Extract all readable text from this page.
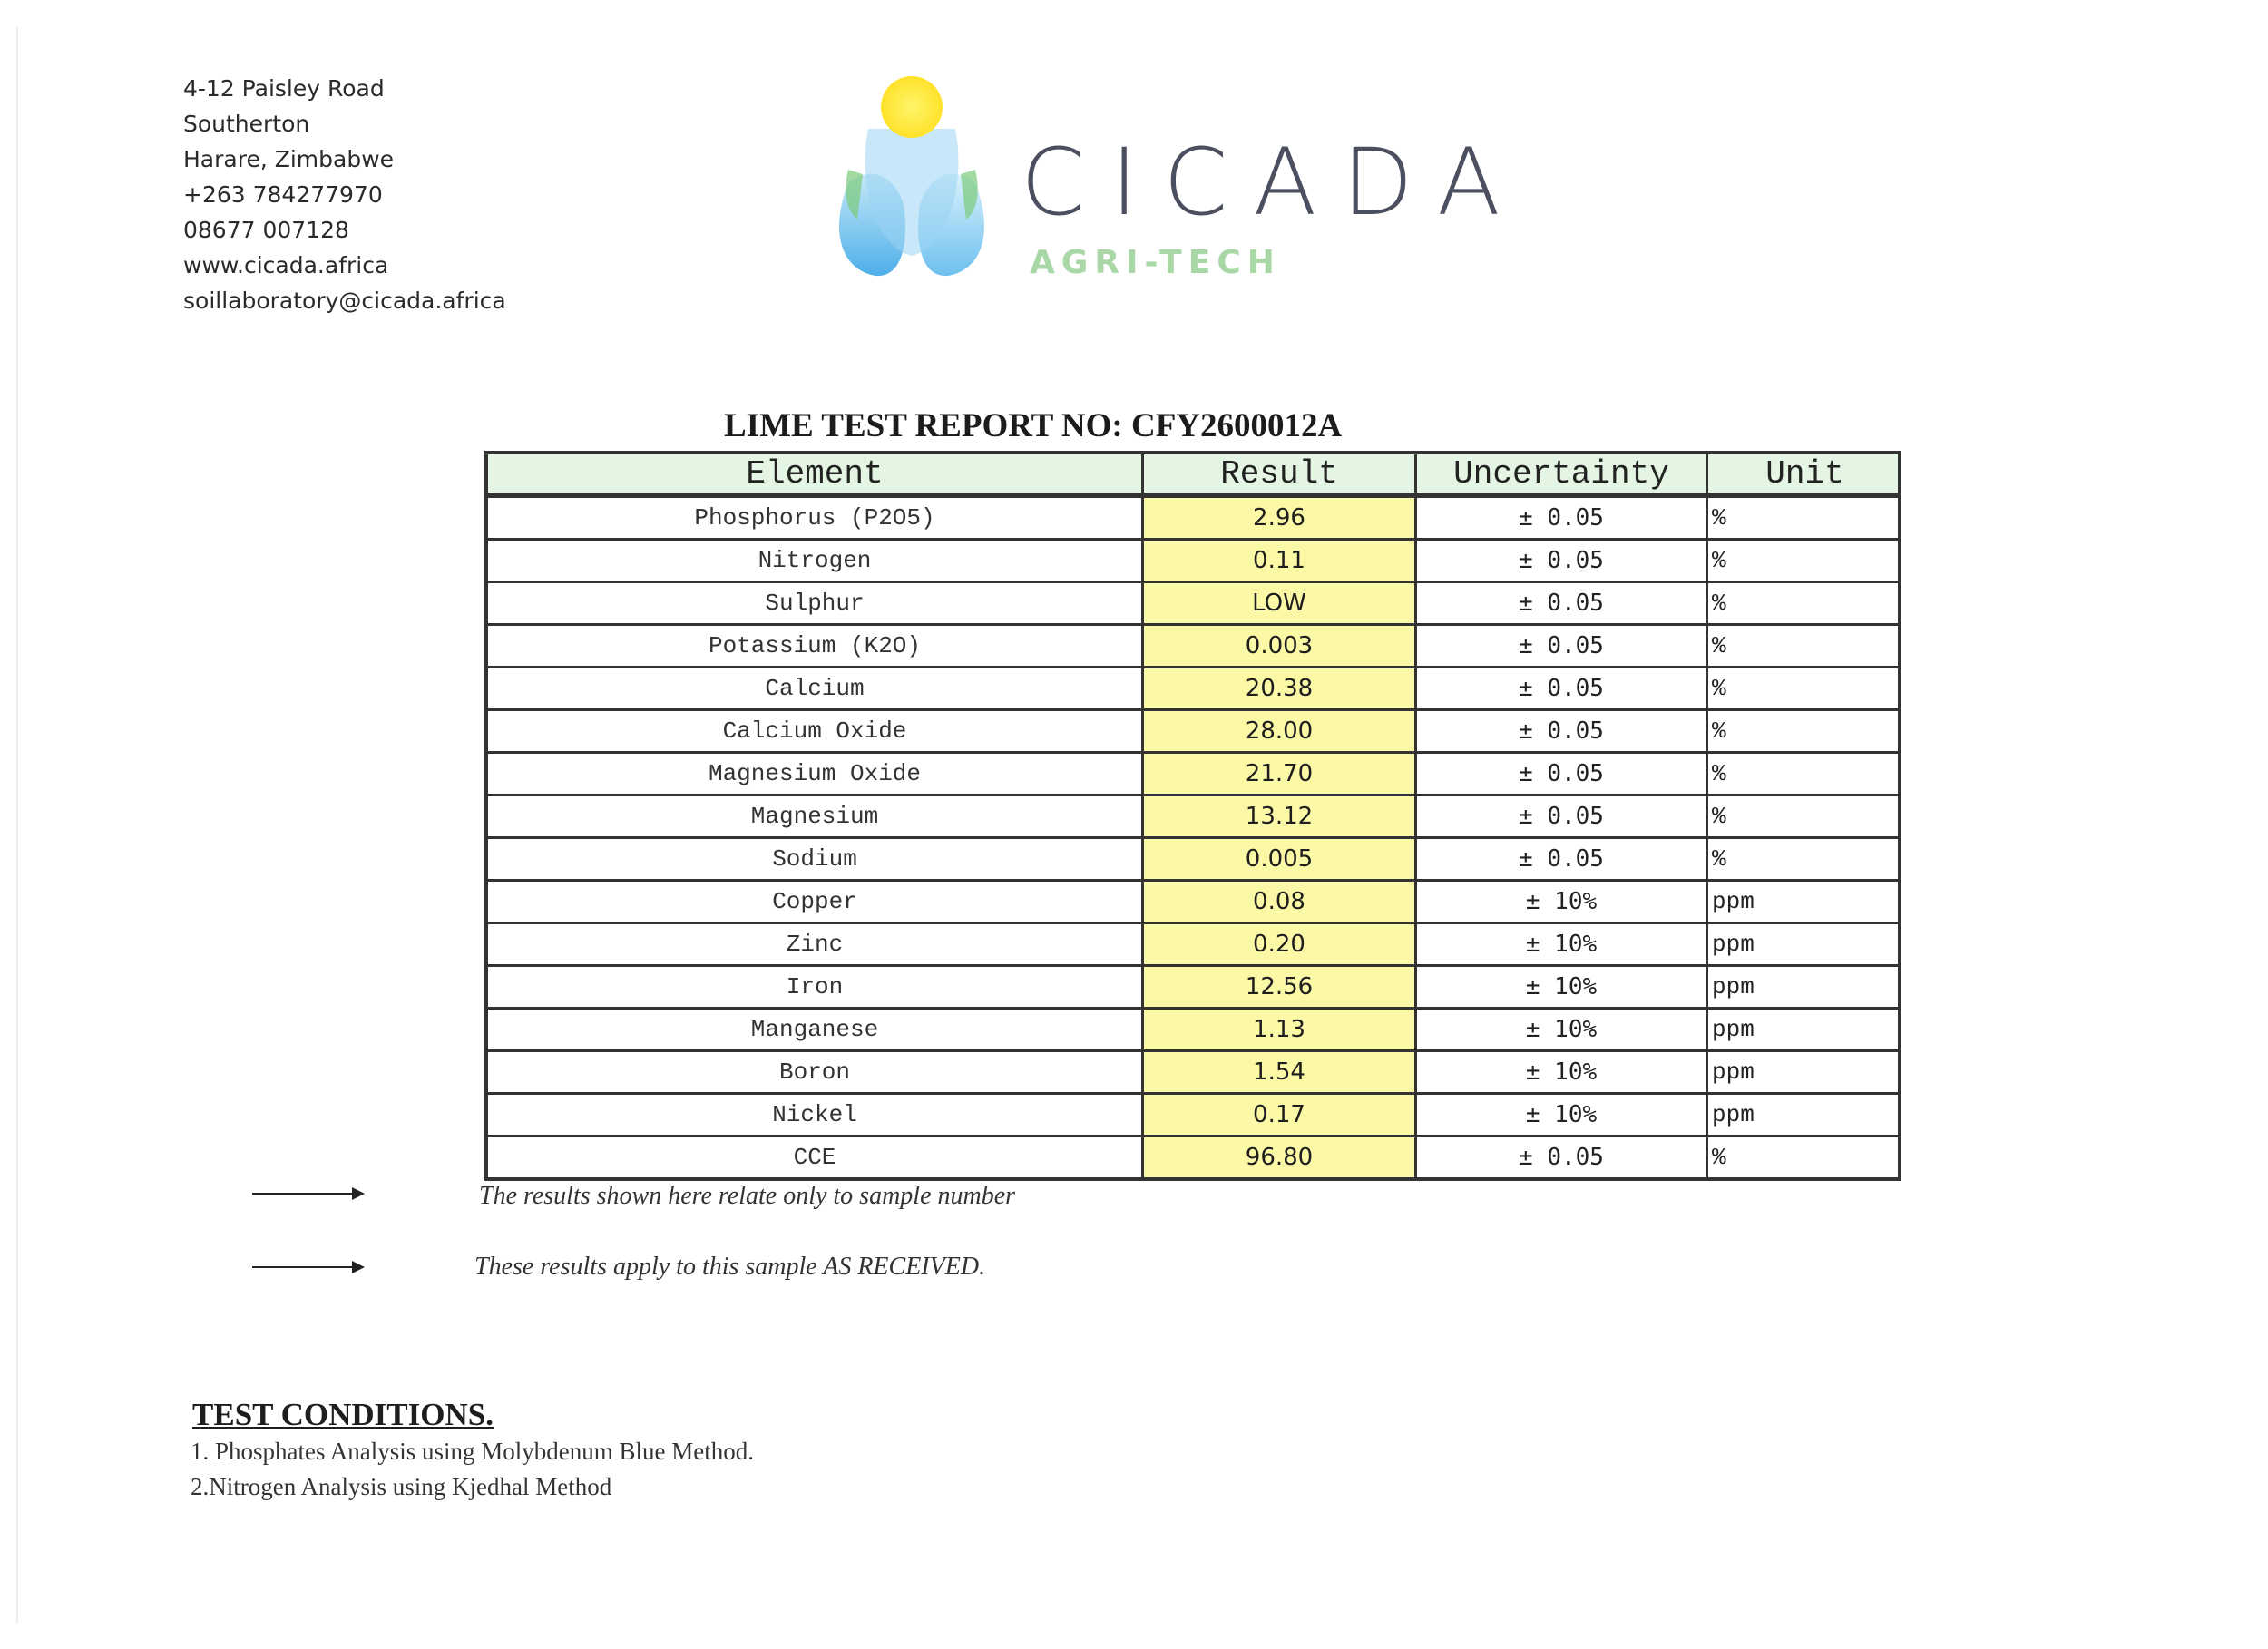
4-12 Paisley Road
Southerton
Harare, Zimbabwe
+263 784277970
08677 007128
www.cicada.africa
soillaboratory@cicada.africa
CICADA
AGRI-TECH
LIME TEST REPORT NO: CFY2600012A
Element	Result	Uncertainty	Unit
Phosphorus (P2O5)	2.96	± 0.05	%
Nitrogen	0.11	± 0.05	%
Sulphur	LOW	± 0.05	%
Potassium (K2O)	0.003	± 0.05	%
Calcium	20.38	± 0.05	%
Calcium Oxide	28.00	± 0.05	%
Magnesium Oxide	21.70	± 0.05	%
Magnesium	13.12	± 0.05	%
Sodium	0.005	± 0.05	%
Copper	0.08	± 10%	ppm
Zinc	0.20	± 10%	ppm
Iron	12.56	± 10%	ppm
Manganese	1.13	± 10%	ppm
Boron	1.54	± 10%	ppm
Nickel	0.17	± 10%	ppm
CCE	96.80	± 0.05	%
The results shown here relate only to sample number
These results apply to this sample AS RECEIVED.
TEST CONDITIONS.
1. Phosphates Analysis using Molybdenum Blue Method.
2.Nitrogen Analysis using Kjedhal Method
